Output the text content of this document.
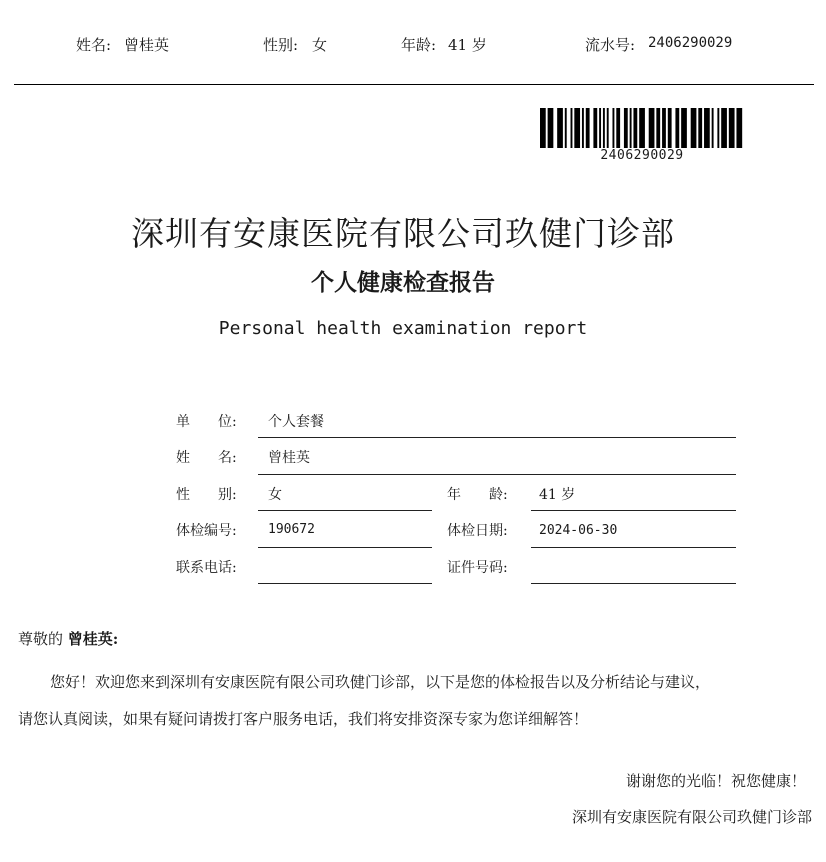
姓名: 曾桂英	性别: 女	年龄: 41 岁	流水号: 2406290029
2406290029
深圳有安康医院有限公司玖健门诊部
个人健康检查报告
Personal health examination report
单　　位: 个人套餐
姓　　名: 曾桂英
性　　别: 女	年　　龄: 41 岁
体检编号: 190672	体检日期: 2024-06-30
联系电话:	证件号码:
尊敬的 曾桂英:
您好！欢迎您来到深圳有安康医院有限公司玖健门诊部，以下是您的体检报告以及分析结论与建议，
请您认真阅读，如果有疑问请拨打客户服务电话，我们将安排资深专家为您详细解答！
谢谢您的光临！祝您健康！
深圳有安康医院有限公司玖健门诊部
